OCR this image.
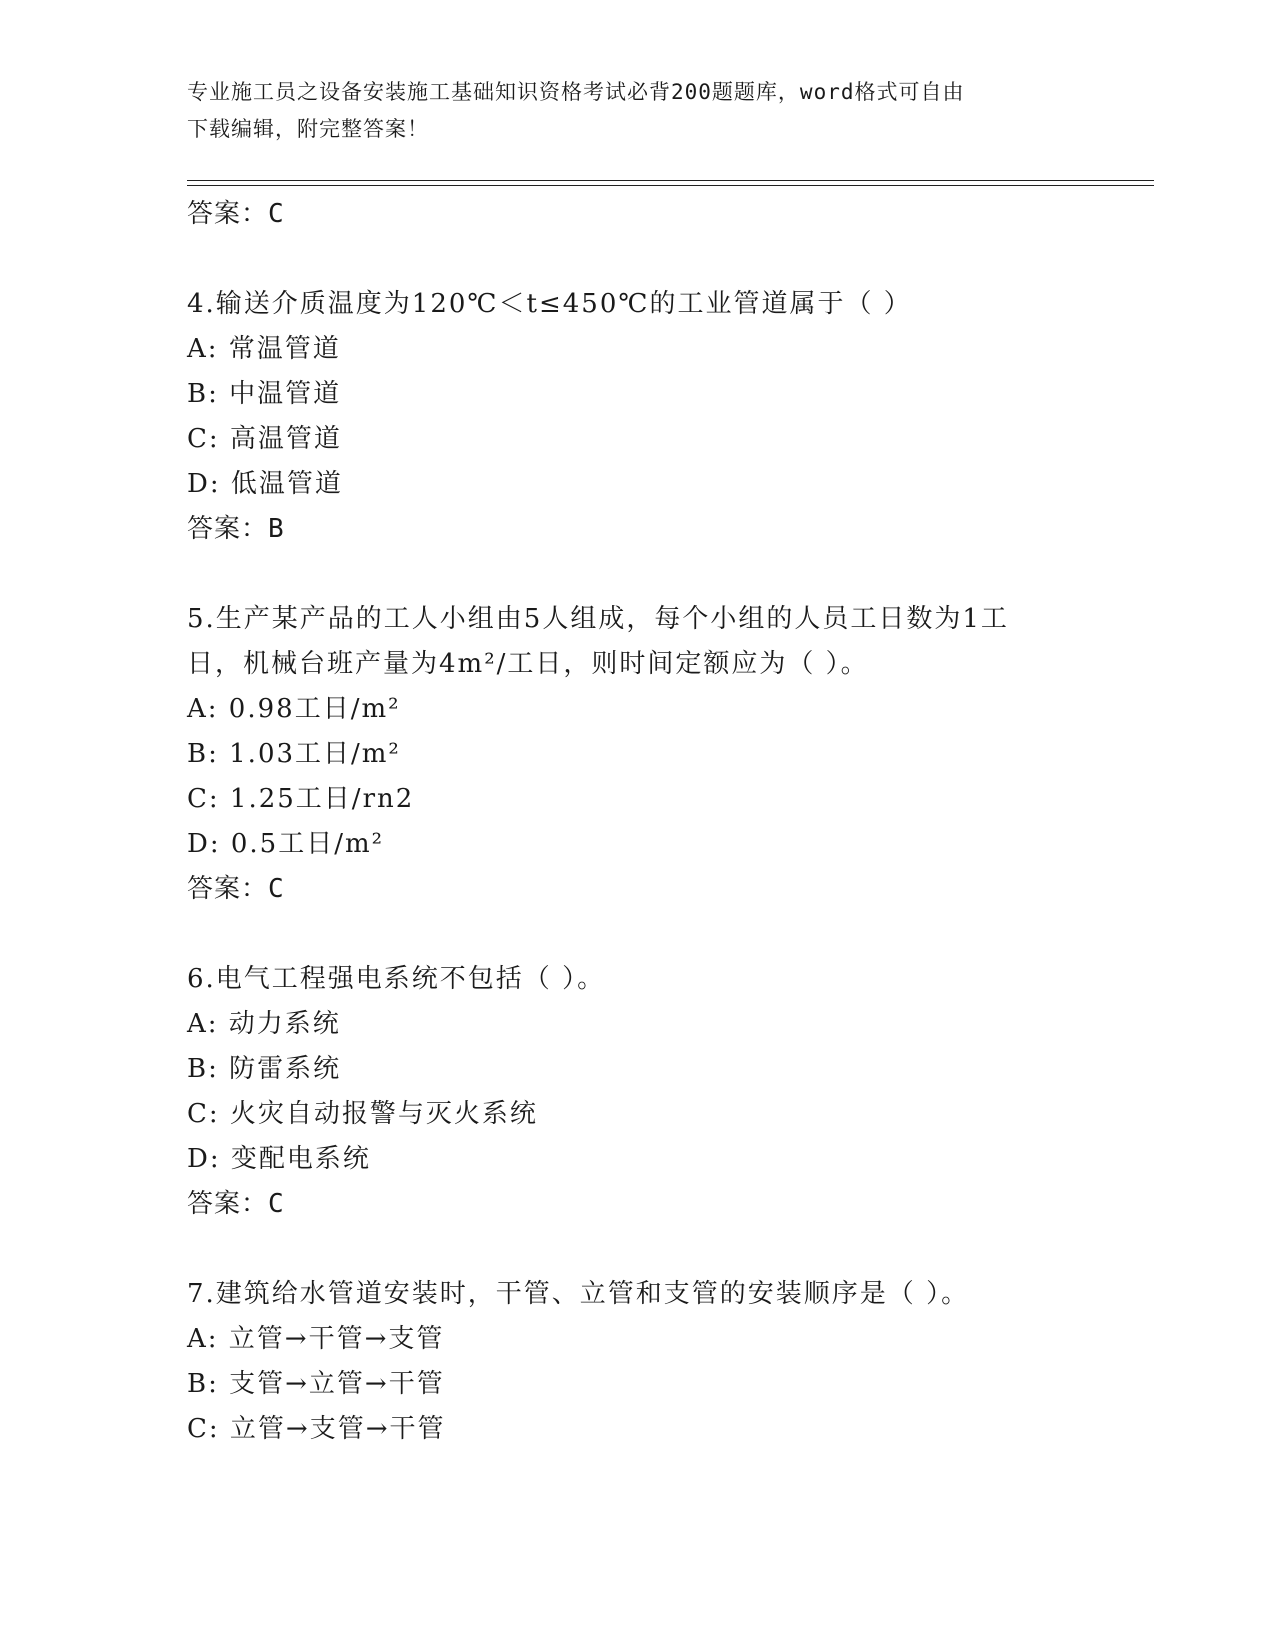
专业施工员之设备安装施工基础知识资格考试必背200题题库，word格式可自由
下载编辑，附完整答案！
答案：C
4.输送介质温度为120℃＜t≤450℃的工业管道属于（ ）
A: 常温管道
B: 中温管道
C: 高温管道
D: 低温管道
答案：B
5.生产某产品的工人小组由5人组成，每个小组的人员工日数为1工
日，机械台班产量为4m²/工日，则时间定额应为（ ）。
A: 0.98工日/m²
B: 1.03工日/m²
C: 1.25工日/rn2
D: 0.5工日/m²
答案：C
6.电气工程强电系统不包括（ ）。
A: 动力系统
B: 防雷系统
C: 火灾自动报警与灭火系统
D: 变配电系统
答案：C
7.建筑给水管道安装时，干管、立管和支管的安装顺序是（ ）。
A: 立管→干管→支管
B: 支管→立管→干管
C: 立管→支管→干管
